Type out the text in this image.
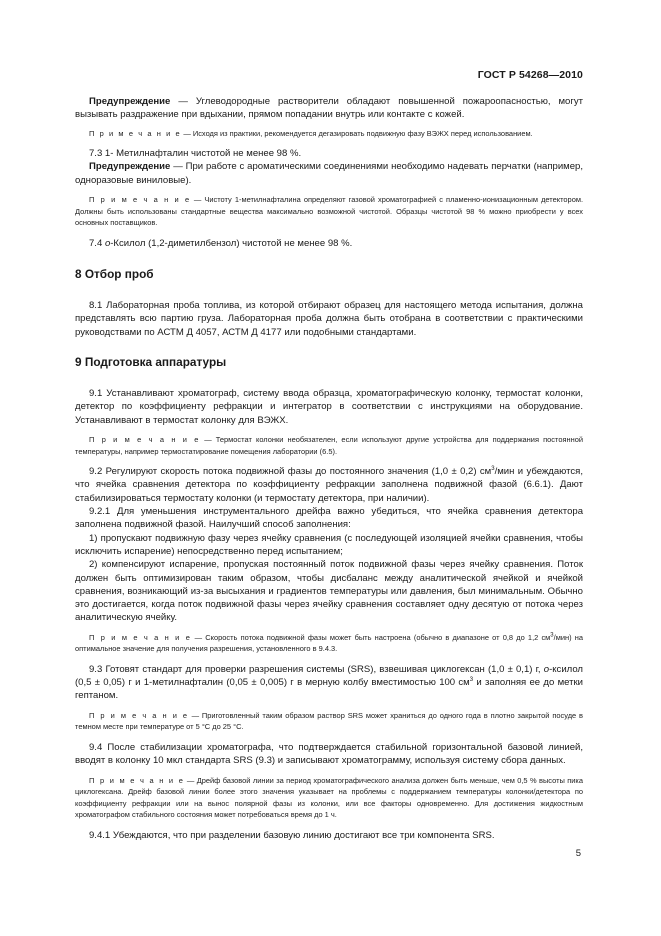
ГОСТ Р 54268—2010

Предупреждение — Углеводородные растворители обладают повышенной пожароопасностью, могут вызывать раздражение при вдыхании, прямом попадании внутрь или контакте с кожей.

П р и м е ч а н и е — Исходя из практики, рекомендуется дегазировать подвижную фазу ВЭЖХ перед использованием.

7.3 1- Метилнафталин чистотой не менее 98 %.

Предупреждение — При работе с ароматическими соединениями необходимо надевать перчатки (например, одноразовые виниловые).

П р и м е ч а н и е — Чистоту 1-метилнафталина определяют газовой хроматографией с пламенно-ионизационным детектором. Должны быть использованы стандартные вещества максимально возможной чистотой. Образцы чистотой 98 % можно приобрести у всех основных поставщиков.

7.4 о-Ксилол (1,2-диметилбензол) чистотой не менее 98 %.

8 Отбор проб

8.1 Лабораторная проба топлива, из которой отбирают образец для настоящего метода испытания, должна представлять всю партию груза. Лабораторная проба должна быть отобрана в соответствии с практическими руководствами по АСТМ Д 4057, АСТМ Д 4177 или подобными стандартами.

9 Подготовка аппаратуры

9.1 Устанавливают хроматограф, систему ввода образца, хроматографическую колонку, термостат колонки, детектор по коэффициенту рефракции и интегратор в соответствии с инструкциями на оборудование. Устанавливают в термостат колонку для ВЭЖХ.

П р и м е ч а н и е — Термостат колонки необязателен, если используют другие устройства для поддержания постоянной температуры, например термостатирование помещения лаборатории (6.5).

9.2 Регулируют скорость потока подвижной фазы до постоянного значения (1,0 ± 0,2) $см^3$/мин и убеждаются, что ячейка сравнения детектора по коэффициенту рефракции заполнена подвижной фазой (6.6.1). Дают стабилизироваться термостату колонки (и термостату детектора, при наличии).

9.2.1 Для уменьшения инструментального дрейфа важно убедиться, что ячейка сравнения детектора заполнена подвижной фазой. Наилучший способ заполнения:

1) пропускают подвижную фазу через ячейку сравнения (с последующей изоляцией ячейки сравнения, чтобы исключить испарение) непосредственно перед испытанием;

2) компенсируют испарение, пропуская постоянный поток подвижной фазы через ячейку сравнения. Поток должен быть оптимизирован таким образом, чтобы дисбаланс между аналитической ячейкой и ячейкой сравнения, возникающий из-за высыхания и градиентов температуры или давления, был минимальным. Обычно это достигается, когда поток подвижной фазы через ячейку сравнения составляет одну десятую от потока через аналитическую ячейку.

П р и м е ч а н и е — Скорость потока подвижной фазы может быть настроена (обычно в диапазоне от 0,8 до 1,2 $см^3/мин$) на оптимальное значение для получения разрешения, установленного в 9.4.3.

9.3 Готовят стандарт для проверки разрешения системы (SRS), взвешивая циклогексан (1,0 ± 0,1) г, о-ксилол (0,5 ± 0,05) г и 1-метилнафталин (0,05 ± 0,005) г в мерную колбу вместимостью 100 $см^3$ и заполняя ее до метки гептаном.

П р и м е ч а н и е — Приготовленный таким образом раствор SRS может храниться до одного года в плотно закрытой посуде в темном месте при температуре от 5 °С до 25 °С.

9.4 После стабилизации хроматографа, что подтверждается стабильной горизонтальной базовой линией, вводят в колонку 10 мкл стандарта SRS (9.3) и записывают хроматограмму, используя систему сбора данных.

П р и м е ч а н и е — Дрейф базовой линии за период хроматографического анализа должен быть меньше, чем 0,5 % высоты пика циклогексана. Дрейф базовой линии более этого значения указывает на проблемы с поддержанием температуры колонки/детектора по коэффициенту рефракции или на вынос полярной фазы из колонки, или все факторы одновременно. Для достижения жидкостным хроматографом стабильного состояния может потребоваться время до 1 ч.

9.4.1 Убеждаются, что при разделении базовую линию достигают все три компонента SRS.

5
